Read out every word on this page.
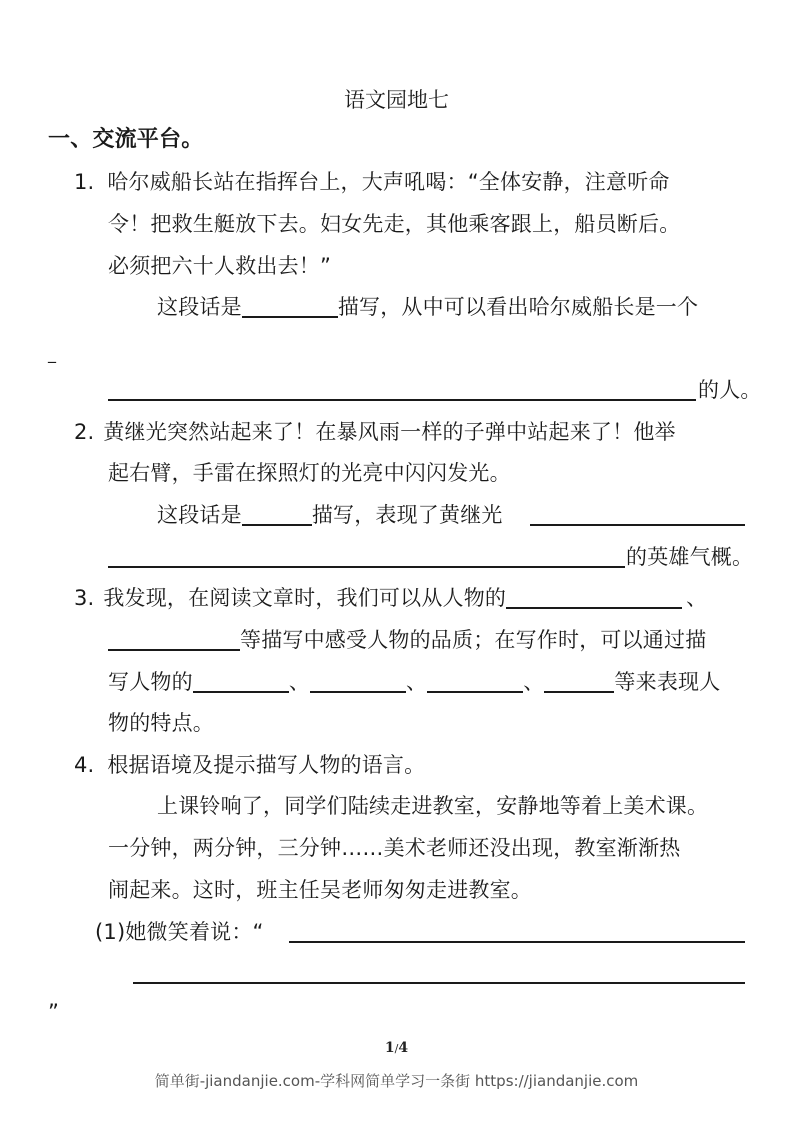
语文园地七
一、交流平台。
1. 哈尔威船长站在指挥台上，大声吼喝：“全体安静，注意听命
令！把救生艇放下去。妇女先走，其他乘客跟上，船员断后。
必须把六十人救出去！”
这段话是	描写，从中可以看出哈尔威船长是一个
_
的人。
2. 黄继光突然站起来了！在暴风雨一样的子弹中站起来了！他举
起右臂，手雷在探照灯的光亮中闪闪发光。
这段话是	描写，表现了黄继光
的英雄气概。
3. 我发现，在阅读文章时，我们可以从人物的	、
等描写中感受人物的品质；在写作时，可以通过描
写人物的	、	、	、	等来表现人
物的特点。
4. 根据语境及提示描写人物的语言。
上课铃响了，同学们陆续走进教室，安静地等着上美术课。
一分钟，两分钟，三分钟……美术老师还没出现，教室渐渐热
闹起来。这时，班主任吴老师匆匆走进教室。
(1)她微笑着说：“
”
1/4
简单街-jiandanjie.com-学科网简单学习一条街 https://jiandanjie.com
